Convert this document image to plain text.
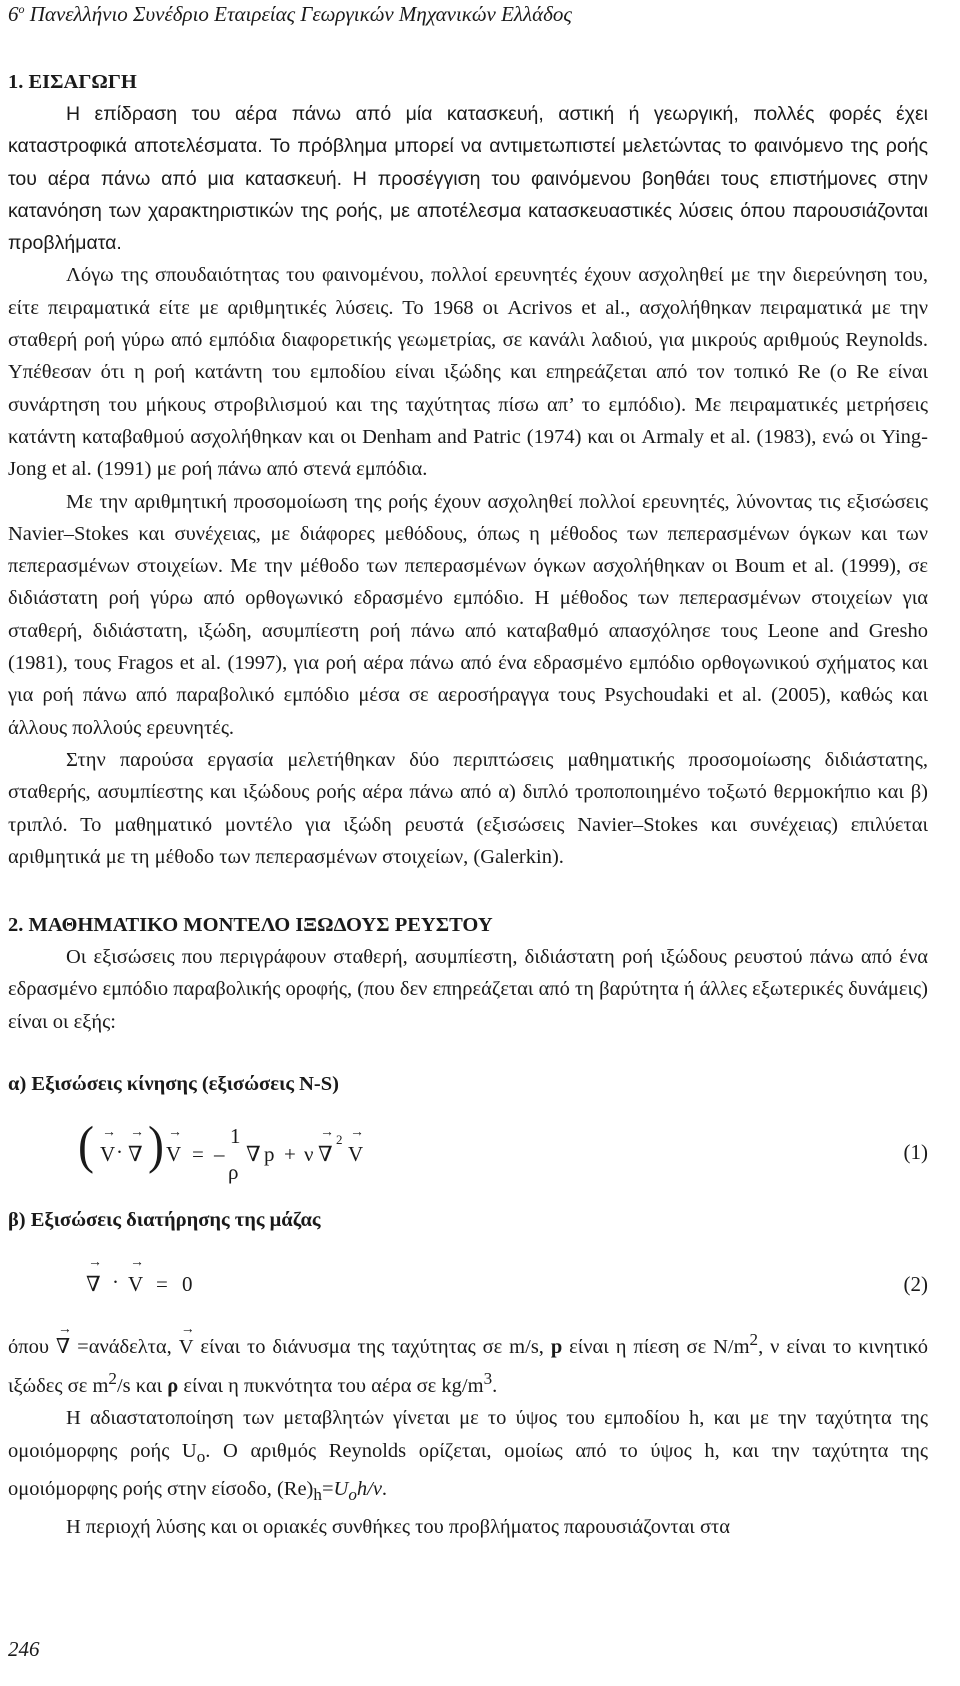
$6^o$ Πανελλήνιο Συνέδριο Εταιρείας Γεωργικών Μηχανικών Ελλάδος
1. ΕΙΣΑΓΩΓΗ

Η επίδραση του αέρα πάνω από μία κατασκευή, αστική ή γεωργική, πολλές φορές έχει καταστροφικά αποτελέσματα. Το πρόβλημα μπορεί να αντιμετωπιστεί μελετώντας το φαινόμενο της ροής του αέρα πάνω από μια κατασκευή. Η προσέγγιση του φαινόμενου βοηθάει τους επιστήμονες στην κατανόηση των χαρακτηριστικών της ροής, με αποτέλεσμα κατασκευαστικές λύσεις όπου παρουσιάζονται προβλήματα.

Λόγω της σπουδαιότητας του φαινομένου, πολλοί ερευνητές έχουν ασχοληθεί με την διερεύνηση του, είτε πειραματικά είτε με αριθμητικές λύσεις. Το 1968 οι Acrivos et al., ασχολήθηκαν πειραματικά με την σταθερή ροή γύρω από εμπόδια διαφορετικής γεωμετρίας, σε κανάλι λαδιού, για μικρούς αριθμούς Reynolds. Υπέθεσαν ότι η ροή κατάντη του εμποδίου είναι ιξώδης και επηρεάζεται από τον τοπικό Re (ο Re είναι συνάρτηση του μήκους στροβιλισμού και της ταχύτητας πίσω απ’ το εμπόδιο). Με πειραματικές μετρήσεις κατάντη καταβαθμού ασχολήθηκαν και οι Denham and Patric (1974) και οι Armaly et al. (1983), ενώ οι Ying-Jong et al. (1991) με ροή πάνω από στενά εμπόδια.

Με την αριθμητική προσομοίωση της ροής έχουν ασχοληθεί πολλοί ερευνητές, λύνοντας τις εξισώσεις Navier–Stokes και συνέχειας, με διάφορες μεθόδους, όπως η μέθοδος των πεπερασμένων όγκων και των πεπερασμένων στοιχείων. Με την μέθοδο των πεπερασμένων όγκων ασχολήθηκαν οι Boum et al. (1999), σε διδιάστατη ροή γύρω από ορθογωνικό εδρασμένο εμπόδιο. Η μέθοδος των πεπερασμένων στοιχείων για σταθερή, διδιάστατη, ιξώδη, ασυμπίεστη ροή πάνω από καταβαθμό απασχόλησε τους Leone and Gresho (1981), τους Fragos et al. (1997), για ροή αέρα πάνω από ένα εδρασμένο εμπόδιο ορθογωνικού σχήματος και για ροή πάνω από παραβολικό εμπόδιο μέσα σε αεροσήραγγα τους Psychoudaki et al. (2005), καθώς και άλλους πολλούς ερευνητές.

Στην παρούσα εργασία μελετήθηκαν δύο περιπτώσεις μαθηματικής προσομοίωσης διδιάστατης, σταθερής, ασυμπίεστης και ιξώδους ροής αέρα πάνω από α) διπλό τροποποιημένο τοξωτό θερμοκήπιο και β) τριπλό. Το μαθηματικό μοντέλο για ιξώδη ρευστά (εξισώσεις Navier–Stokes και συνέχειας) επιλύεται αριθμητικά με τη μέθοδο των πεπερασμένων στοιχείων, (Galerkin).

2. ΜΑΘΗΜΑΤΙΚΟ ΜΟΝΤΕΛΟ ΙΞΩΔΟΥΣ ΡΕΥΣΤΟΥ

Οι εξισώσεις που περιγράφουν σταθερή, ασυμπίεστη, διδιάστατη ροή ιξώδους ρευστού πάνω από ένα εδρασμένο εμπόδιο παραβολικής οροφής, (που δεν επηρεάζεται από τη βαρύτητα ή άλλες εξωτερικές δυνάμεις) είναι οι εξής:

α) Εξισώσεις κίνησης (εξισώσεις N-S)
( → V · → ∇ ) → V = –
1
ρ
∇ p + ν → ∇
2
→ V	(1)
β) Εξισώσεις διατήρησης της μάζας
→ ∇ · → V = 0	(2)

όπου → ∇ =ανάδελτα, → V είναι το διάνυσμα της ταχύτητας σε m/s, p είναι η πίεση σε $N/m^2$, ν είναι το κινητικό ιξώδες σε $m^2/s$ και ρ είναι η πυκνότητα του αέρα σε $kg/m^3$.

Η αδιαστατοποίηση των μεταβλητών γίνεται με το ύψος του εμποδίου h, και με την ταχύτητα της ομοιόμορφης ροής $U_o$. Ο αριθμός Reynolds ορίζεται, ομοίως από το ύψος h, και την ταχύτητα της ομοιόμορφης ροής στην είσοδο, $(Re)_h=U_oh/\nu$.

Η περιοχή λύσης και οι οριακές συνθήκες του προβλήματος παρουσιάζονται στα

246
